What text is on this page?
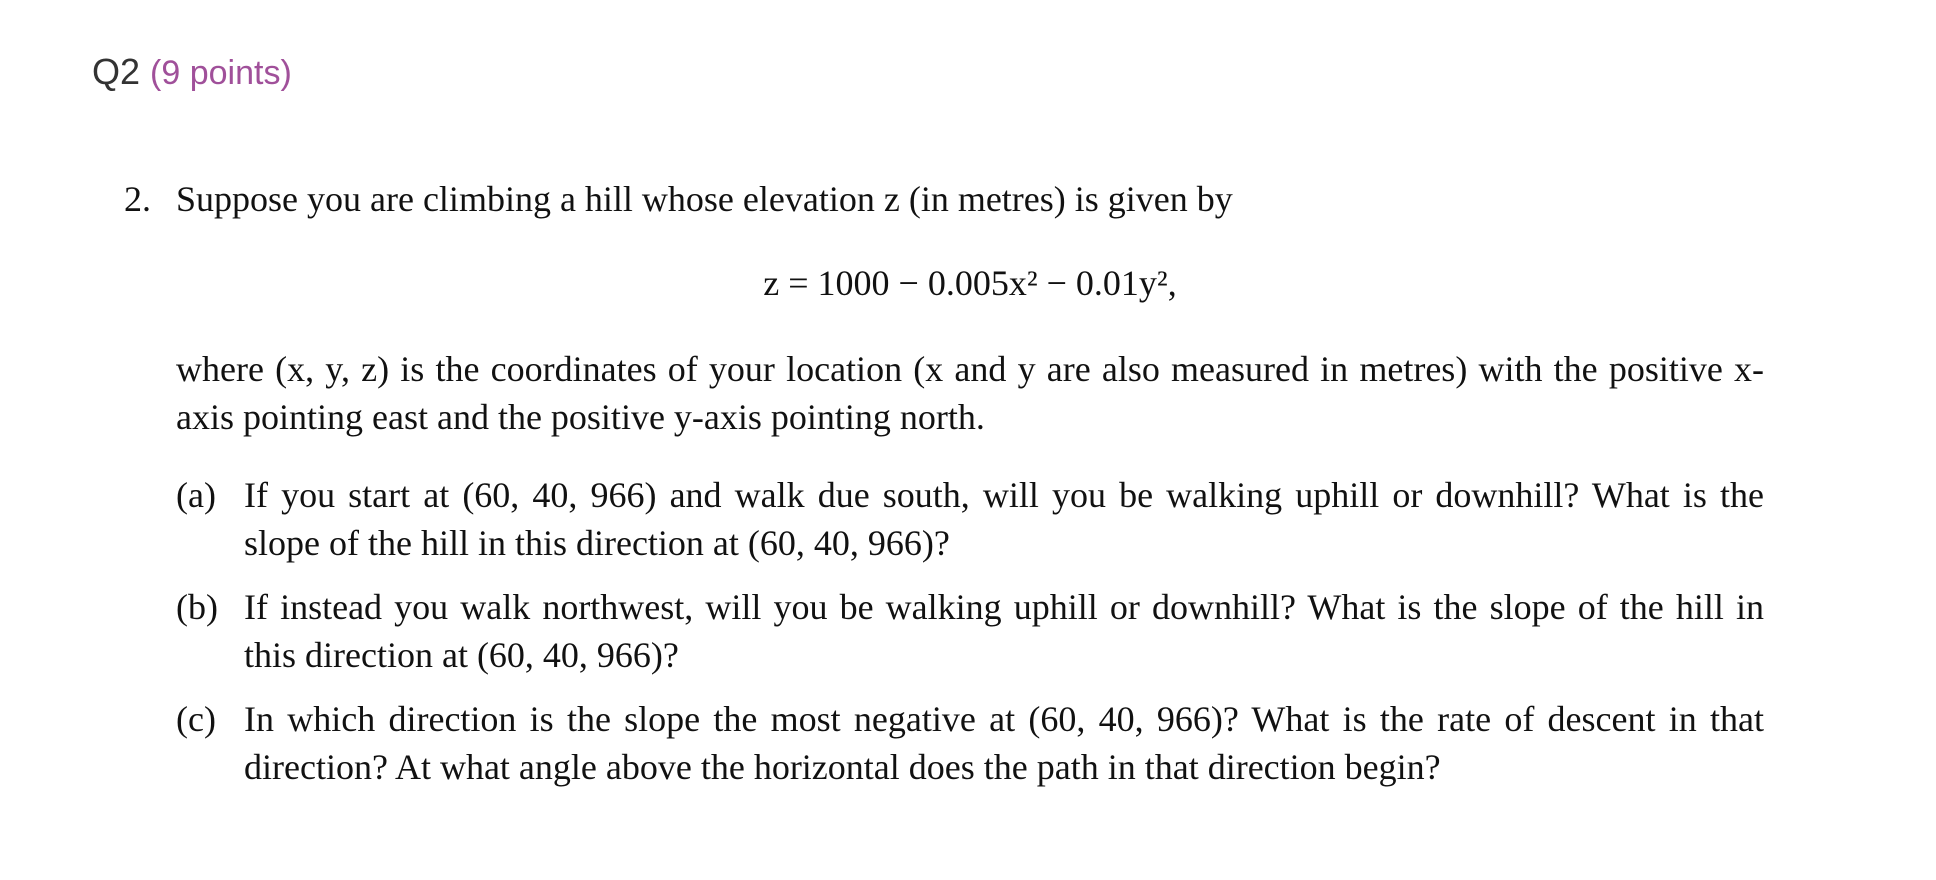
Q2 (9 points)
2. Suppose you are climbing a hill whose elevation z (in metres) is given by
z = 1000 − 0.005x² − 0.01y²,
where (x, y, z) is the coordinates of your location (x and y are also measured in metres) with the positive x-axis pointing east and the positive y-axis pointing north.
(a) If you start at (60, 40, 966) and walk due south, will you be walking uphill or downhill? What is the slope of the hill in this direction at (60, 40, 966)?
(b) If instead you walk northwest, will you be walking uphill or downhill? What is the slope of the hill in this direction at (60, 40, 966)?
(c) In which direction is the slope the most negative at (60, 40, 966)? What is the rate of descent in that direction? At what angle above the horizontal does the path in that direction begin?
